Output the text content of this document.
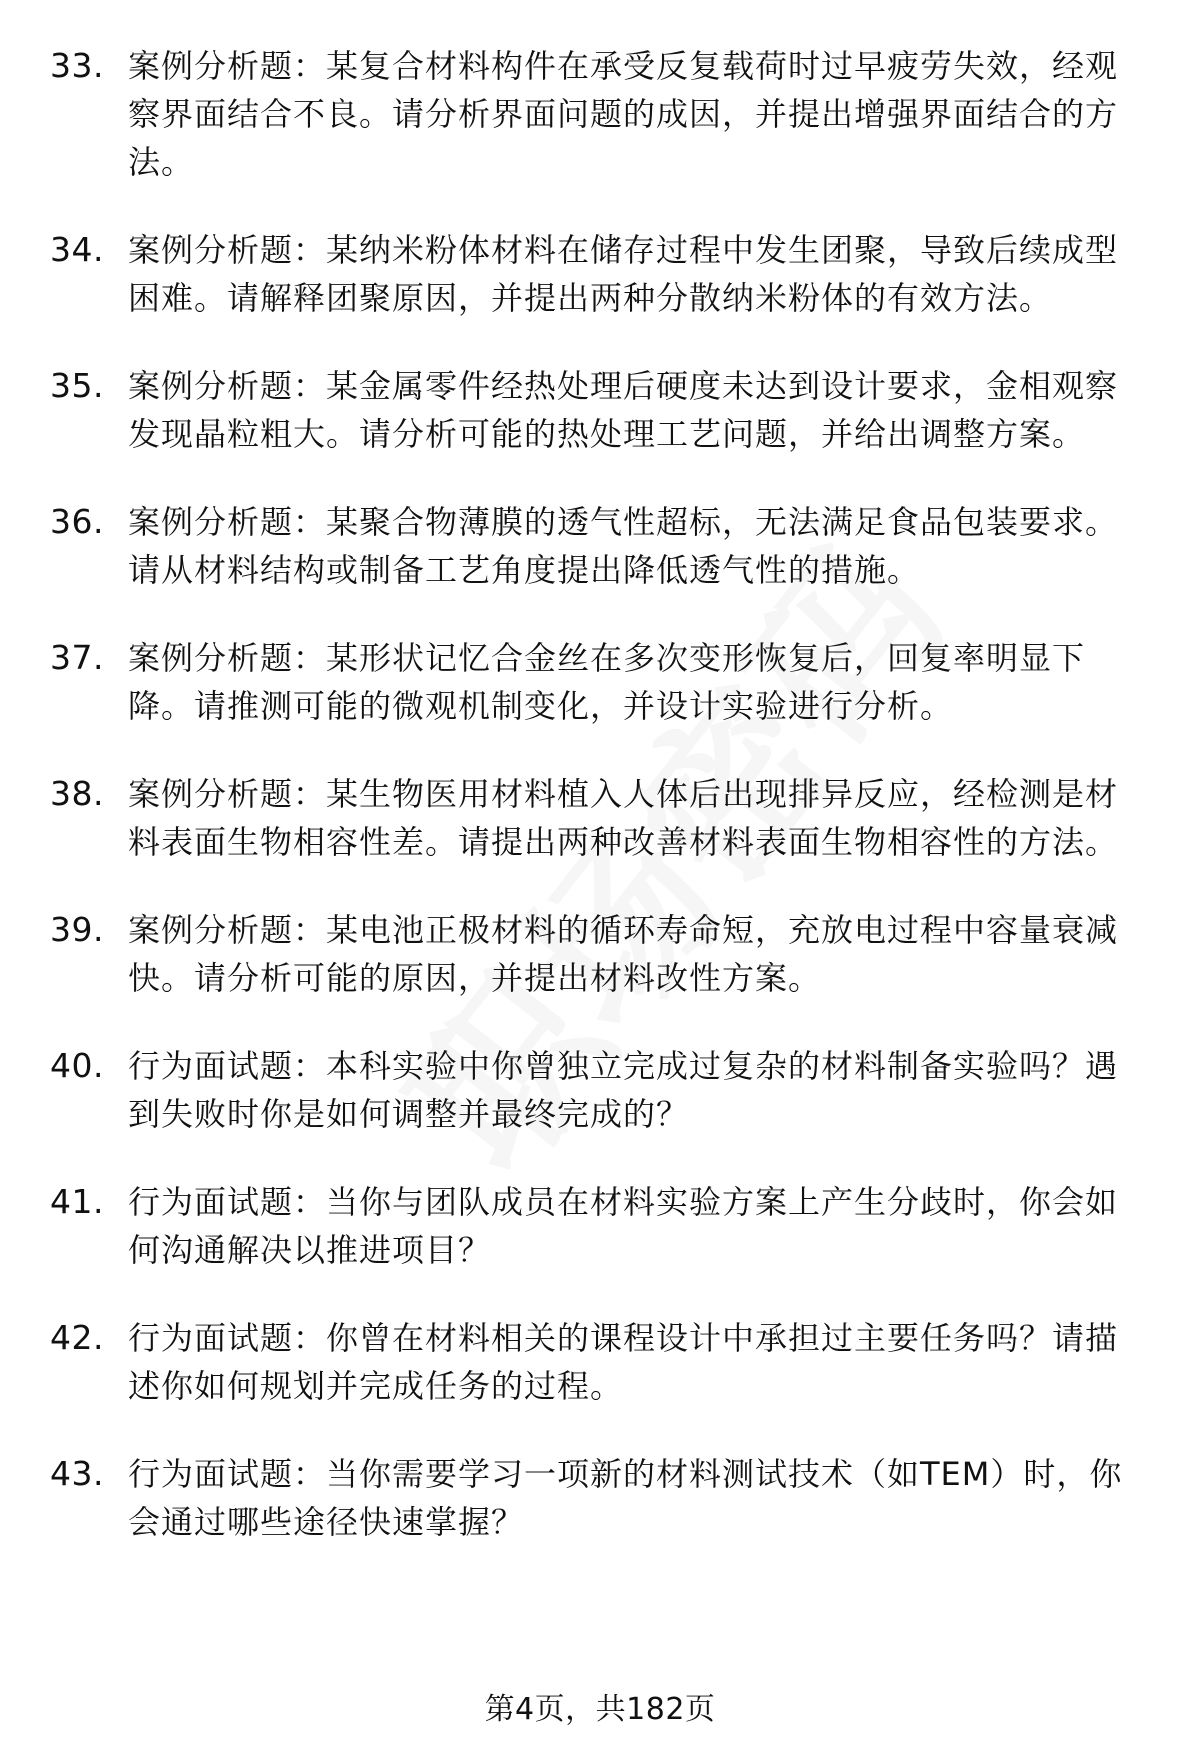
33. 案例分析题：某复合材料构件在承受反复载荷时过早疲劳失效，经观察界面结合不良。请分析界面问题的成因，并提出增强界面结合的方法。
34. 案例分析题：某纳米粉体材料在储存过程中发生团聚，导致后续成型困难。请解释团聚原因，并提出两种分散纳米粉体的有效方法。
35. 案例分析题：某金属零件经热处理后硬度未达到设计要求，金相观察发现晶粒粗大。请分析可能的热处理工艺问题，并给出调整方案。
36. 案例分析题：某聚合物薄膜的透气性超标，无法满足食品包装要求。请从材料结构或制备工艺角度提出降低透气性的措施。
37. 案例分析题：某形状记忆合金丝在多次变形恢复后，回复率明显下降。请推测可能的微观机制变化，并设计实验进行分析。
38. 案例分析题：某生物医用材料植入人体后出现排异反应，经检测是材料表面生物相容性差。请提出两种改善材料表面生物相容性的方法。
39. 案例分析题：某电池正极材料的循环寿命短，充放电过程中容量衰减快。请分析可能的原因，并提出材料改性方案。
40. 行为面试题：本科实验中你曾独立完成过复杂的材料制备实验吗？遇到失败时你是如何调整并最终完成的？
41. 行为面试题：当你与团队成员在材料实验方案上产生分歧时，你会如何沟通解决以推进项目？
42. 行为面试题：你曾在材料相关的课程设计中承担过主要任务吗？请描述你如何规划并完成任务的过程。
43. 行为面试题：当你需要学习一项新的材料测试技术（如TEM）时，你会通过哪些途径快速掌握？
第4页，共182页
